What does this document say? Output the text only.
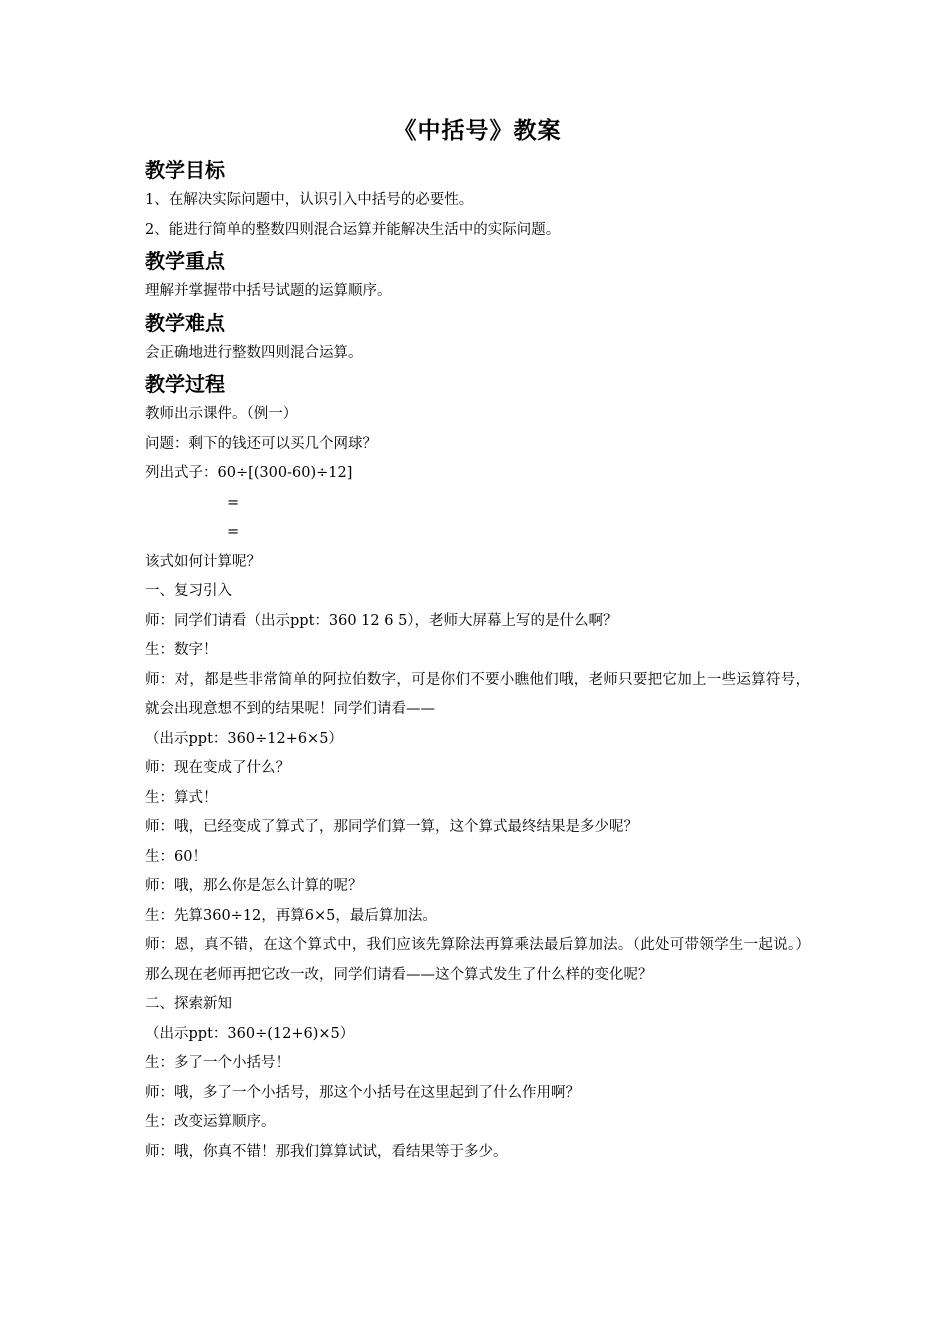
《中括号》教案
教学目标
1、在解决实际问题中，认识引入中括号的必要性。
2、能进行简单的整数四则混合运算并能解决生活中的实际问题。
教学重点
理解并掌握带中括号试题的运算顺序。
教学难点
会正确地进行整数四则混合运算。
教学过程
教师出示课件。（例一）
问题：剩下的钱还可以买几个网球？
列出式子：60÷[(300-60)÷12]
=
=
该式如何计算呢？
一、复习引入
师：同学们请看（出示ppt：360 12 6 5），老师大屏幕上写的是什么啊？
生：数字！
师：对，都是些非常简单的阿拉伯数字，可是你们不要小瞧他们哦，老师只要把它加上一些运算符号，就会出现意想不到的结果呢！同学们请看——
（出示ppt：360÷12+6×5）
师：现在变成了什么？
生：算式！
师：哦，已经变成了算式了，那同学们算一算，这个算式最终结果是多少呢？
生：60！
师：哦，那么你是怎么计算的呢？
生：先算360÷12，再算6×5，最后算加法。
师：恩，真不错，在这个算式中，我们应该先算除法再算乘法最后算加法。（此处可带领学生一起说。）那么现在老师再把它改一改，同学们请看——这个算式发生了什么样的变化呢？
二、探索新知
（出示ppt：360÷(12+6)×5）
生：多了一个小括号！
师：哦，多了一个小括号，那这个小括号在这里起到了什么作用啊？
生：改变运算顺序。
师：哦，你真不错！那我们算算试试，看结果等于多少。
